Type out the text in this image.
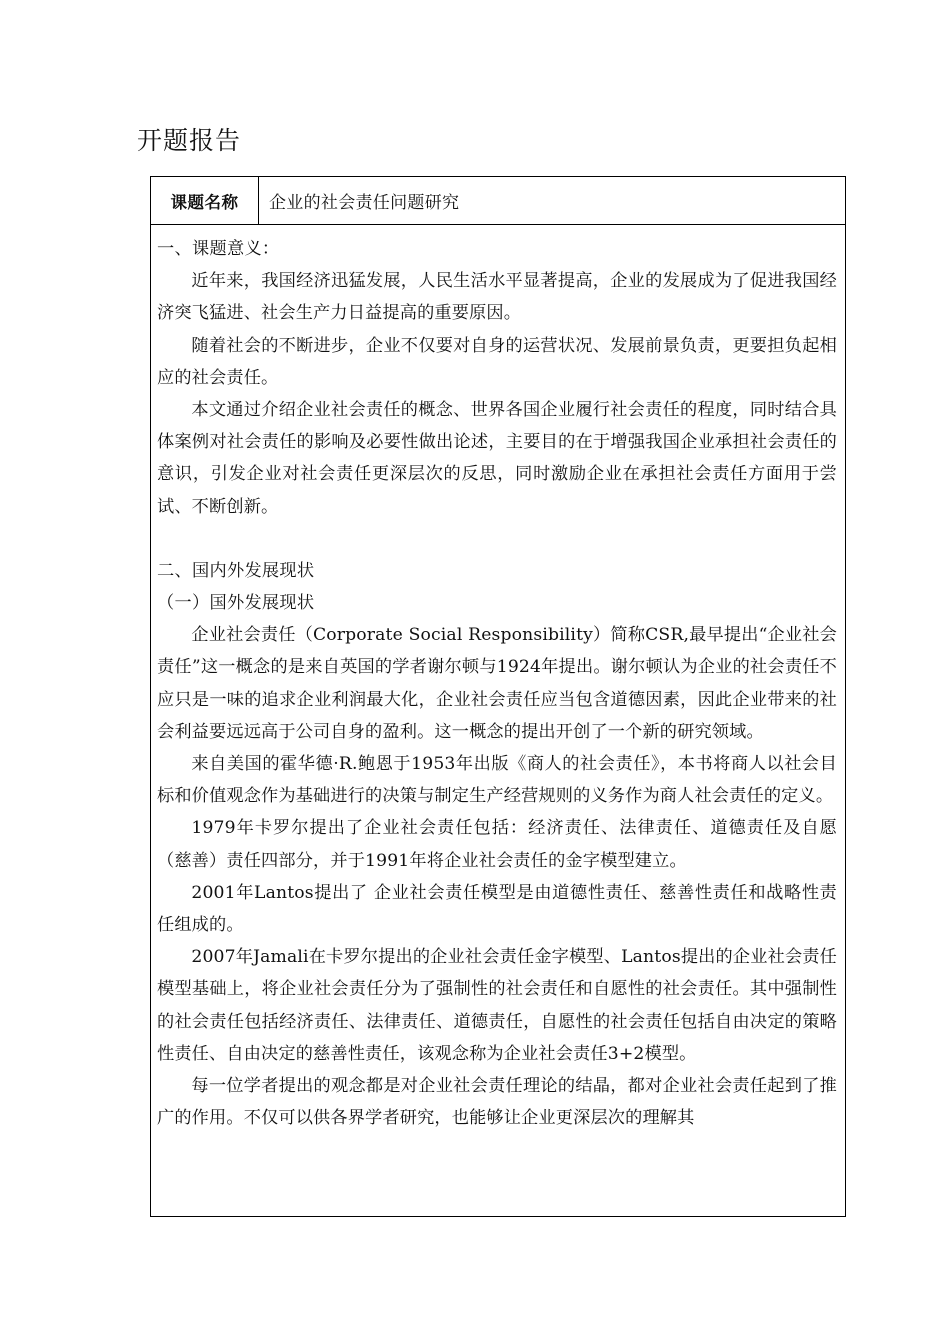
开题报告
课题名称	企业的社会责任问题研究

一、课题意义：

近年来，我国经济迅猛发展，人民生活水平显著提高，企业的发展成为了促进我国经济突飞猛进、社会生产力日益提高的重要原因。

随着社会的不断进步，企业不仅要对自身的运营状况、发展前景负责，更要担负起相应的社会责任。

本文通过介绍企业社会责任的概念、世界各国企业履行社会责任的程度，同时结合具体案例对社会责任的影响及必要性做出论述，主要目的在于增强我国企业承担社会责任的意识，引发企业对社会责任更深层次的反思，同时激励企业在承担社会责任方面用于尝试、不断创新。

二、国内外发展现状

（一）国外发展现状

企业社会责任（Corporate Social Responsibility）简称CSR,最早提出“企业社会责任”这一概念的是来自英国的学者谢尔顿与1924年提出。谢尔顿认为企业的社会责任不应只是一味的追求企业利润最大化，企业社会责任应当包含道德因素，因此企业带来的社会利益要远远高于公司自身的盈利。这一概念的提出开创了一个新的研究领域。

来自美国的霍华德·R.鲍恩于1953年出版《商人的社会责任》，本书将商人以社会目标和价值观念作为基础进行的决策与制定生产经营规则的义务作为商人社会责任的定义。

1979年卡罗尔提出了企业社会责任包括：经济责任、法律责任、道德责任及自愿（慈善）责任四部分，并于1991年将企业社会责任的金字模型建立。

2001年Lantos提出了 企业社会责任模型是由道德性责任、慈善性责任和战略性责任组成的。

2007年Jamali在卡罗尔提出的企业社会责任金字模型、Lantos提出的企业社会责任模型基础上，将企业社会责任分为了强制性的社会责任和自愿性的社会责任。其中强制性的社会责任包括经济责任、法律责任、道德责任，自愿性的社会责任包括自由决定的策略性责任、自由决定的慈善性责任，该观念称为企业社会责任3+2模型。

每一位学者提出的观念都是对企业社会责任理论的结晶，都对企业社会责任起到了推广的作用。不仅可以供各界学者研究，也能够让企业更深层次的理解其
